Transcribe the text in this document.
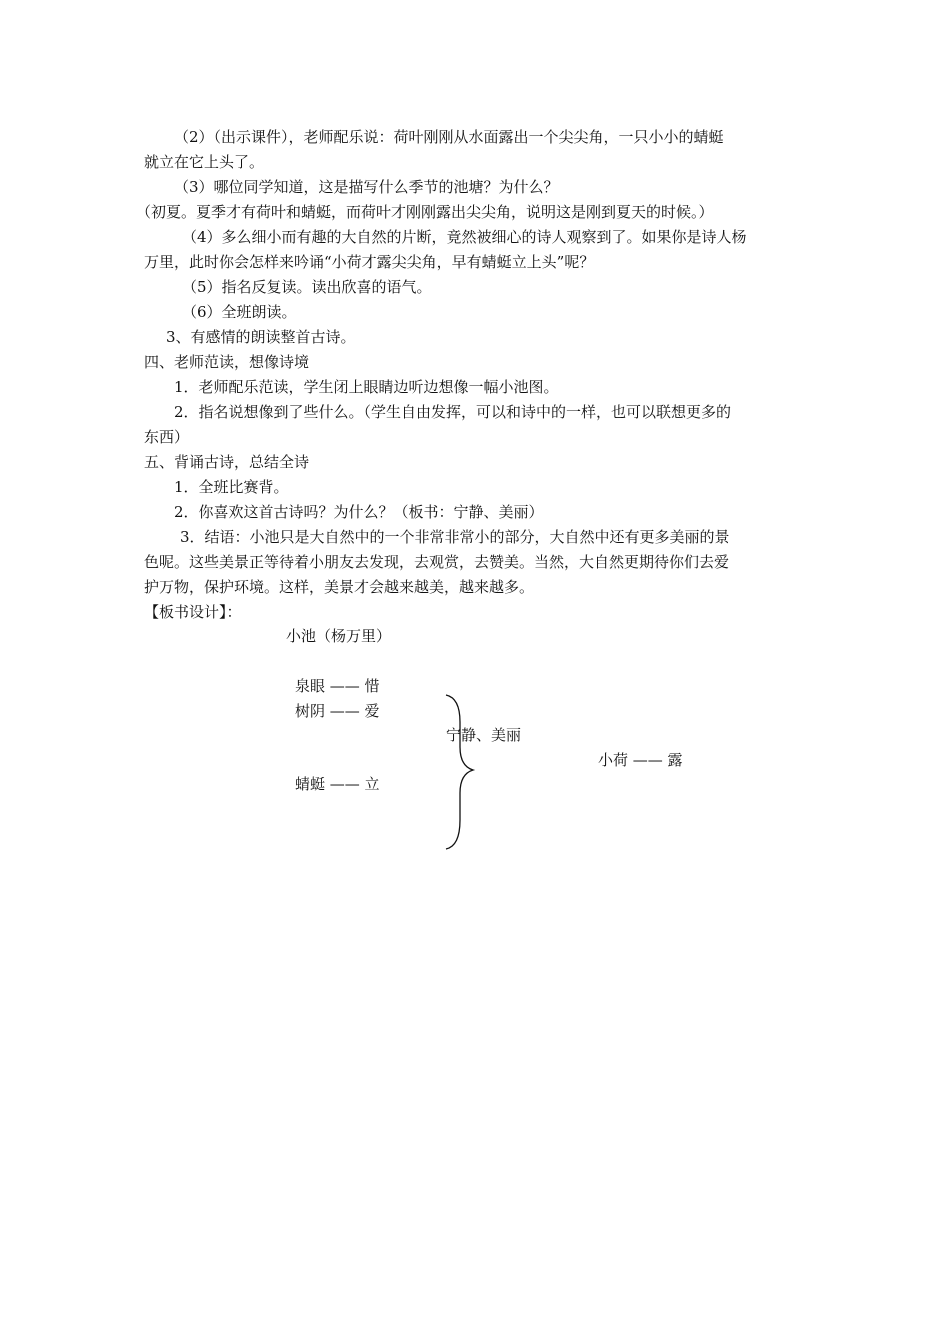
（2）（出示课件），老师配乐说：荷叶刚刚从水面露出一个尖尖角，一只小小的蜻蜓
就立在它上头了。
（3）哪位同学知道，这是描写什么季节的池塘？为什么？
（初夏。夏季才有荷叶和蜻蜓，而荷叶才刚刚露出尖尖角，说明这是刚到夏天的时候。）
（4）多么细小而有趣的大自然的片断，竟然被细心的诗人观察到了。如果你是诗人杨
万里，此时你会怎样来吟诵“小荷才露尖尖角，早有蜻蜓立上头”呢？
（5）指名反复读。读出欣喜的语气。
（6）全班朗读。
3、有感情的朗读整首古诗。
四、老师范读，想像诗境
1．老师配乐范读，学生闭上眼睛边听边想像一幅小池图。
2．指名说想像到了些什么。（学生自由发挥，可以和诗中的一样，也可以联想更多的
东西）
五、背诵古诗，总结全诗
1．全班比赛背。
2．你喜欢这首古诗吗？为什么？（板书：宁静、美丽）
3．结语：小池只是大自然中的一个非常非常小的部分，大自然中还有更多美丽的景
色呢。这些美景正等待着小朋友去发现，去观赏，去赞美。当然，大自然更期待你们去爱
护万物，保护环境。这样，美景才会越来越美，越来越多。
【板书设计】：
小池（杨万里）
泉眼 —— 惜
树阴 —— 爱
蜻蜓 —— 立
宁静、美丽
小荷 —— 露
